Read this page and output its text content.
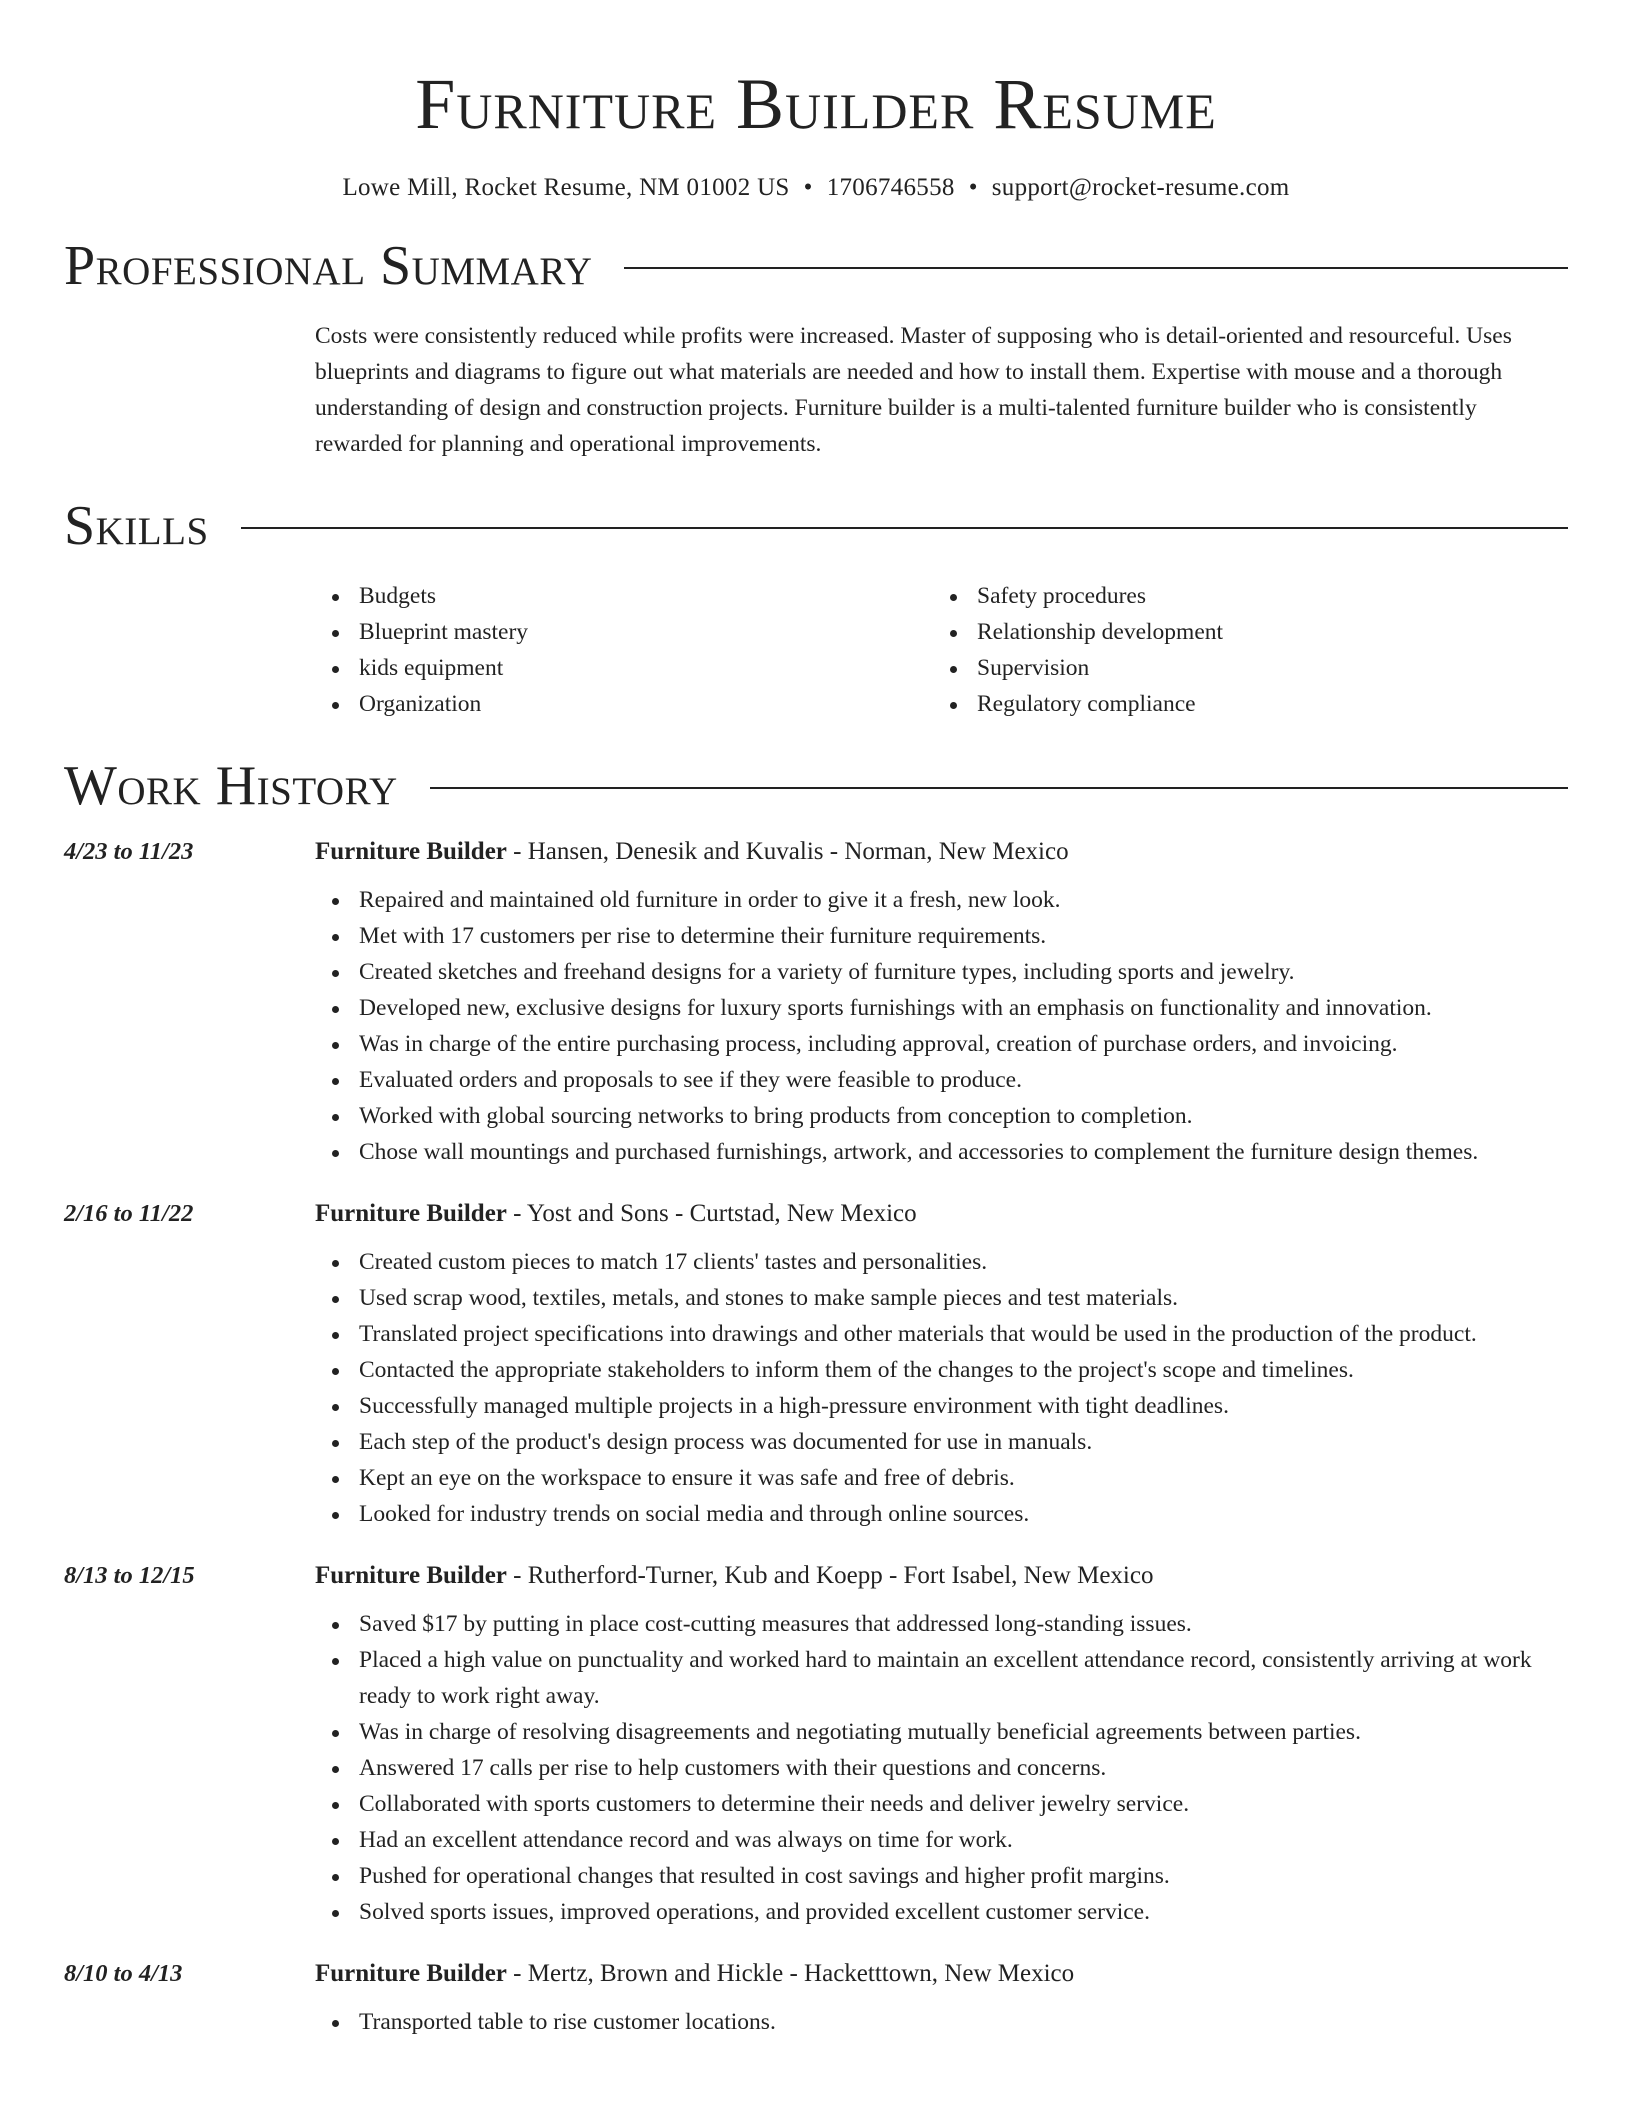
Furniture Builder Resume
Lowe Mill, Rocket Resume, NM 01002 US • 1706746558 • support@rocket-resume.com
Professional Summary

Costs were consistently reduced while profits were increased. Master of supposing who is detail-oriented and resourceful. Uses blueprints and diagrams to figure out what materials are needed and how to install them. Expertise with mouse and a thorough understanding of design and construction projects. Furniture builder is a multi-talented furniture builder who is consistently rewarded for planning and operational improvements.

Skills
Budgets
Blueprint mastery
kids equipment
Organization
Safety procedures
Relationship development
Supervision
Regulatory compliance
Work History
4/23 to 11/23	Furniture Builder - Hansen, Denesik and Kuvalis - Norman, New Mexico
Repaired and maintained old furniture in order to give it a fresh, new look.
Met with 17 customers per rise to determine their furniture requirements.
Created sketches and freehand designs for a variety of furniture types, including sports and jewelry.
Developed new, exclusive designs for luxury sports furnishings with an emphasis on functionality and innovation.
Was in charge of the entire purchasing process, including approval, creation of purchase orders, and invoicing.
Evaluated orders and proposals to see if they were feasible to produce.
Worked with global sourcing networks to bring products from conception to completion.
Chose wall mountings and purchased furnishings, artwork, and accessories to complement the furniture design themes.
2/16 to 11/22	Furniture Builder - Yost and Sons - Curtstad, New Mexico
Created custom pieces to match 17 clients' tastes and personalities.
Used scrap wood, textiles, metals, and stones to make sample pieces and test materials.
Translated project specifications into drawings and other materials that would be used in the production of the product.
Contacted the appropriate stakeholders to inform them of the changes to the project's scope and timelines.
Successfully managed multiple projects in a high-pressure environment with tight deadlines.
Each step of the product's design process was documented for use in manuals.
Kept an eye on the workspace to ensure it was safe and free of debris.
Looked for industry trends on social media and through online sources.
8/13 to 12/15	Furniture Builder - Rutherford-Turner, Kub and Koepp - Fort Isabel, New Mexico
Saved $17 by putting in place cost-cutting measures that addressed long-standing issues.
Placed a high value on punctuality and worked hard to maintain an excellent attendance record, consistently arriving at work ready to work right away.
Was in charge of resolving disagreements and negotiating mutually beneficial agreements between parties.
Answered 17 calls per rise to help customers with their questions and concerns.
Collaborated with sports customers to determine their needs and deliver jewelry service.
Had an excellent attendance record and was always on time for work.
Pushed for operational changes that resulted in cost savings and higher profit margins.
Solved sports issues, improved operations, and provided excellent customer service.
8/10 to 4/13	Furniture Builder - Mertz, Brown and Hickle - Hacketttown, New Mexico
Transported table to rise customer locations.
